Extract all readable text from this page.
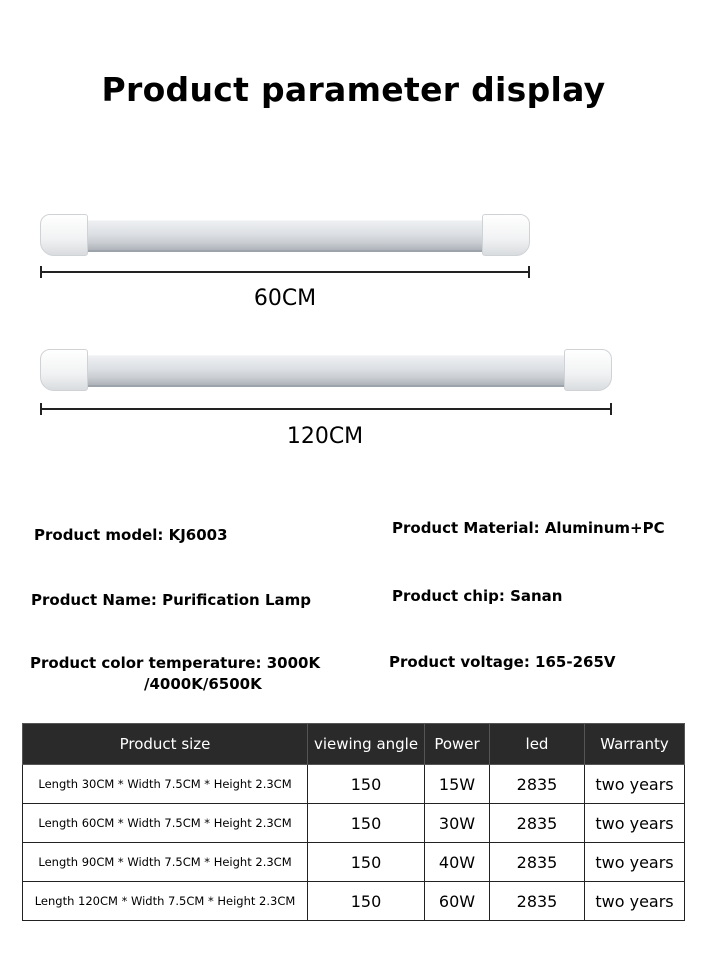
Product parameter display
60CM
120CM
Product model: KJ6003	Product Material: Aluminum+PC
Product Name: Purification Lamp	Product chip: Sanan
Product color temperature: 3000K
/4000K/6500K
Product voltage: 165-265V
Product size	viewing angle	Power	led	Warranty
Length 30CM * Width 7.5CM * Height 2.3CM	150	15W	2835	two years
Length 60CM * Width 7.5CM * Height 2.3CM	150	30W	2835	two years
Length 90CM * Width 7.5CM * Height 2.3CM	150	40W	2835	two years
Length 120CM * Width 7.5CM * Height 2.3CM	150	60W	2835	two years
